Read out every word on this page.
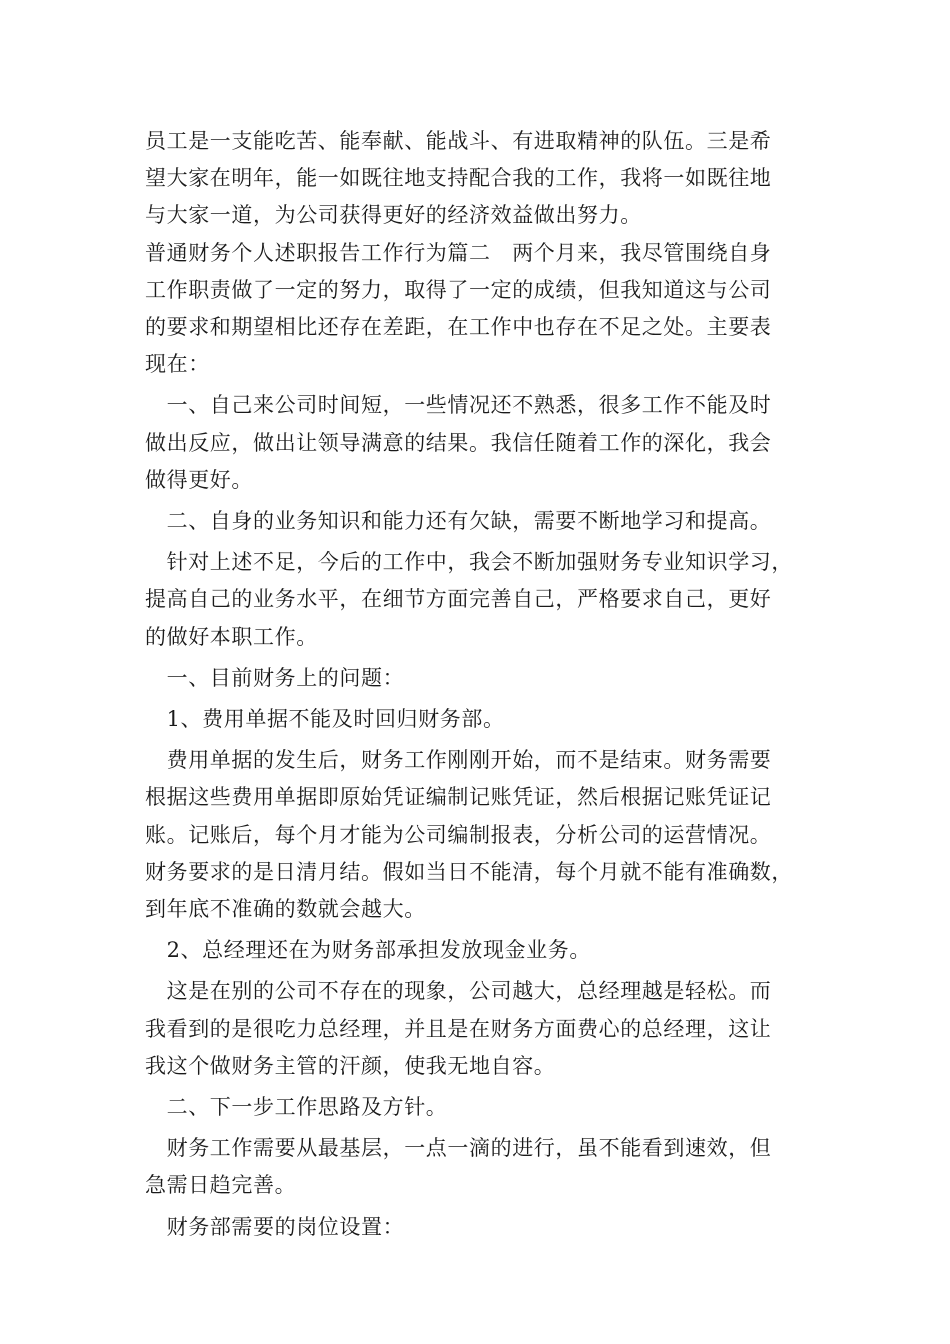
员工是一支能吃苦、能奉献、能战斗、有进取精神的队伍。三是希
望大家在明年，能一如既往地支持配合我的工作，我将一如既往地
与大家一道，为公司获得更好的经济效益做出努力。
普通财务个人述职报告工作行为篇二　两个月来，我尽管围绕自身
工作职责做了一定的努力，取得了一定的成绩，但我知道这与公司
的要求和期望相比还存在差距，在工作中也存在不足之处。主要表
现在：
　一、自己来公司时间短，一些情况还不熟悉，很多工作不能及时
做出反应，做出让领导满意的结果。我信任随着工作的深化，我会
做得更好。
　二、自身的业务知识和能力还有欠缺，需要不断地学习和提高。
　针对上述不足，今后的工作中，我会不断加强财务专业知识学习，
提高自己的业务水平，在细节方面完善自己，严格要求自己，更好
的做好本职工作。
　一、目前财务上的问题：
　1、费用单据不能及时回归财务部。
　费用单据的发生后，财务工作刚刚开始，而不是结束。财务需要
根据这些费用单据即原始凭证编制记账凭证，然后根据记账凭证记
账。记账后，每个月才能为公司编制报表，分析公司的运营情况。
财务要求的是日清月结。假如当日不能清，每个月就不能有准确数，
到年底不准确的数就会越大。
　2、总经理还在为财务部承担发放现金业务。
　这是在别的公司不存在的现象，公司越大，总经理越是轻松。而
我看到的是很吃力总经理，并且是在财务方面费心的总经理，这让
我这个做财务主管的汗颜，使我无地自容。
　二、下一步工作思路及方针。
　财务工作需要从最基层，一点一滴的进行，虽不能看到速效，但
急需日趋完善。
　财务部需要的岗位设置：
